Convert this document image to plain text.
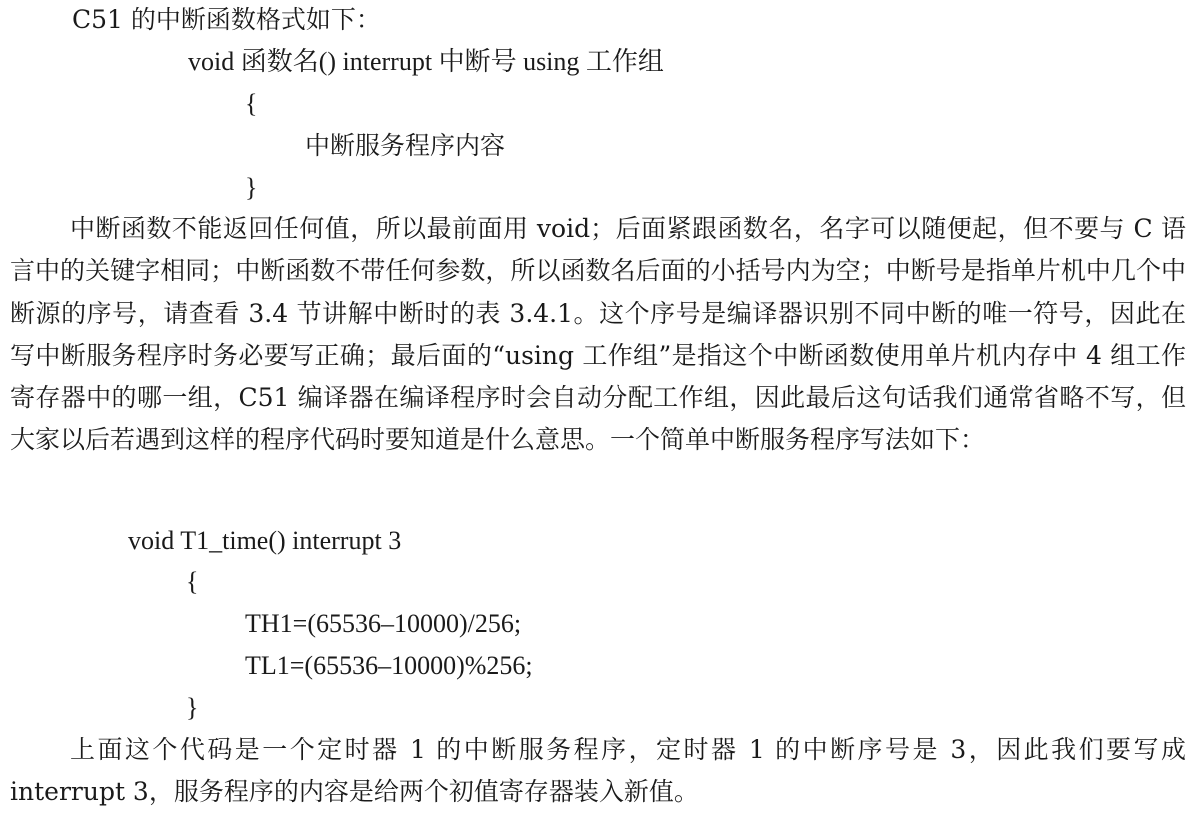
C51 的中断函数格式如下：
void 函数名() interrupt 中断号 using 工作组
{
中断服务程序内容
}
中断函数不能返回任何值，所以最前面用 void；后面紧跟函数名，名字可以随便起，但不要与 C 语言中的关键字相同；中断函数不带任何参数，所以函数名后面的小括号内为空；中断号是指单片机中几个中断源的序号，请查看 3.4 节讲解中断时的表 3.4.1。这个序号是编译器识别不同中断的唯一符号，因此在写中断服务程序时务必要写正确；最后面的“using 工作组”是指这个中断函数使用单片机内存中 4 组工作寄存器中的哪一组，C51 编译器在编译程序时会自动分配工作组，因此最后这句话我们通常省略不写，但大家以后若遇到这样的程序代码时要知道是什么意思。一个简单中断服务程序写法如下：
void T1_time() interrupt 3
{
TH1=(65536–10000)/256;
TL1=(65536–10000)%256;
}
上面这个代码是一个定时器 1 的中断服务程序，定时器 1 的中断序号是 3，因此我们要写成 interrupt 3，服务程序的内容是给两个初值寄存器装入新值。
